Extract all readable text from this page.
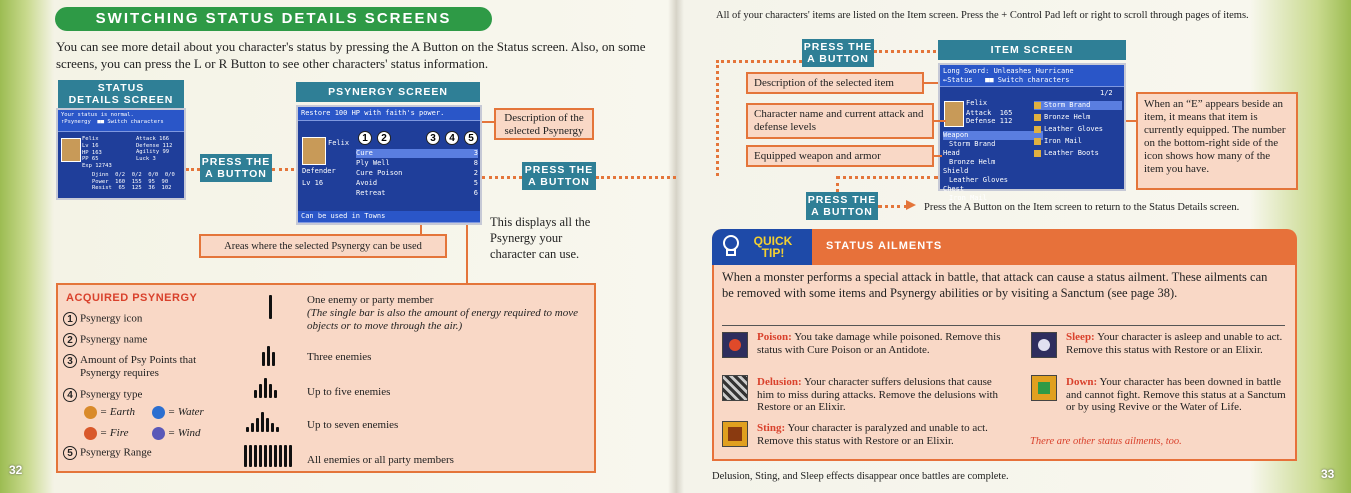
SWITCHING STATUS DETAILS SCREENS
You can see more detail about you character's status by pressing the A Button on the Status screen. Also, on some screens, you can press the L or R Button to see other characters' status information.
STATUS
DETAILS SCREEN
Your status is normal.
↑Psynergy  ■■ Switch characters
Felix
Lv 16
HP 163
PP 65
Exp 12743
Attack 166
Defense 112
Agility 99
Luck 3
Djinn  0/2  0/2  0/0  0/0
Power  160  155  95  90
Resist  65  125  36  102
PRESS THE
A BUTTON
PSYNERGY SCREEN
Restore 100 HP with faith's power.
Felix
Defender
Lv 16
Cure	3
Ply Well	8
Cure Poison	2
Avoid	5
Retreat	6
Can be used in Towns
1	2	3	4	5
Description of the selected Psynergy
PRESS THE
A BUTTON
Areas where the selected Psynergy can be used
This displays all the Psynergy your character can use.
ACQUIRED PSYNERGY
1 Psynergy icon
2 Psynergy name
3 Amount of Psy Points that Psynergy requires
4 Psynergy type
= Earth	= Water
= Fire	= Wind
5 Psynergy Range
One enemy or party member
(The single bar is also the amount of energy required to move objects or to move through the air.)
Three enemies
Up to five enemies
Up to seven enemies
All enemies or all party members
32
All of your characters' items are listed on the Item screen. Press the + Control Pad left or right to scroll through pages of items.
PRESS THE
A BUTTON
ITEM SCREEN
Long Sword: Unleashes Hurricane
←Status   ■■ Switch characters
Felix
Attack  165
Defense 112
Weapon
Storm Brand
Head
Bronze Helm
Shield
Leather Gloves
Chest
Iron Mail
1/2
Storm Brand
Bronze Helm
Leather Gloves
Iron Mail
Leather Boots
Description of the selected item
Character name and current attack and defense levels
Equipped weapon and armor
When an “E” appears beside an item, it means that item is currently equipped. The number on the bottom-right side of the icon shows how many of the item you have.
PRESS THE
A BUTTON	Press the A Button on the Item screen to return to the Status Details screen.
QUICK
TIP!	STATUS AILMENTS
When a monster performs a special attack in battle, that attack can cause a status ailment. These ailments can be removed with some items and Psynergy abilities or by visiting a Sanctum (see page 38).
Poison: You take damage while poisoned. Remove this status with Cure Poison or an Antidote.
Delusion: Your character suffers delusions that cause him to miss during attacks. Remove the delusions with Restore or an Elixir.
Sting: Your character is paralyzed and unable to act. Remove this status with Restore or an Elixir.
Sleep: Your character is asleep and unable to act. Remove this status with Restore or an Elixir.
Down: Your character has been downed in battle and cannot fight. Remove this status at a Sanctum or by using Revive or the Water of Life.
There are other status ailments, too.
Delusion, Sting, and Sleep effects disappear once battles are complete.	33
